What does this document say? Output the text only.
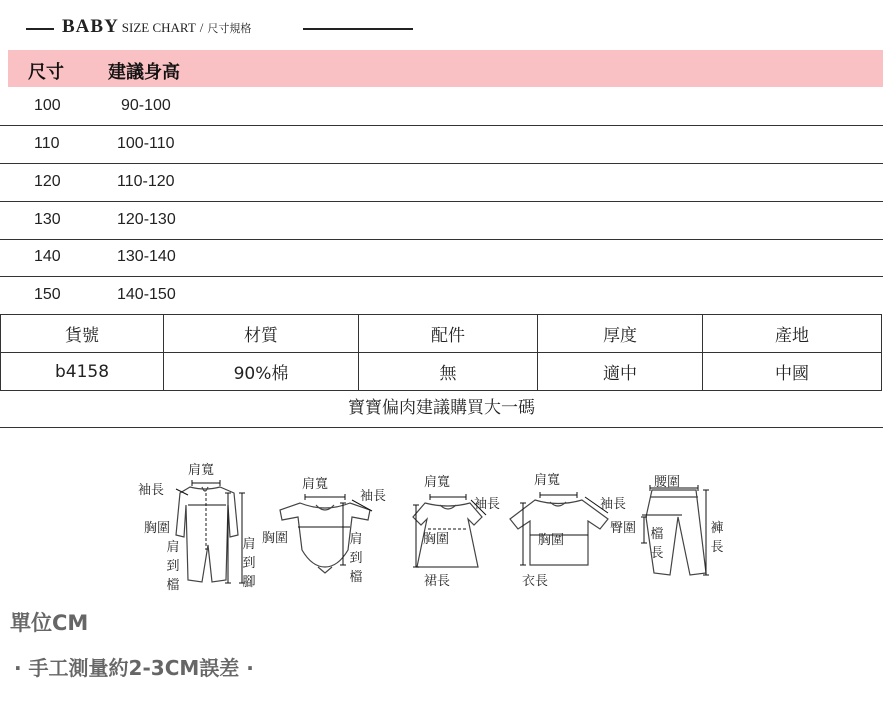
BABY SIZE CHART / 尺寸規格
尺寸 建議身高
100	90-100
110	100-110
120	110-120
130	120-130
140	130-140
150	140-150
貨號	材質	配件	厚度	產地
b4158	90%棉	無	適中	中國
寶寶偏肉建議購買大一碼
肩寬
袖長
胸圍
肩到檔
肩到腳
肩寬
袖長
胸圍	肩到檔
肩寬
袖長
胸圍
裙長
肩寬
袖長
胸圍
衣長
腰圍
臀圍 檔長
褲長
單位CM
· 手工測量約2-3CM誤差 ·
